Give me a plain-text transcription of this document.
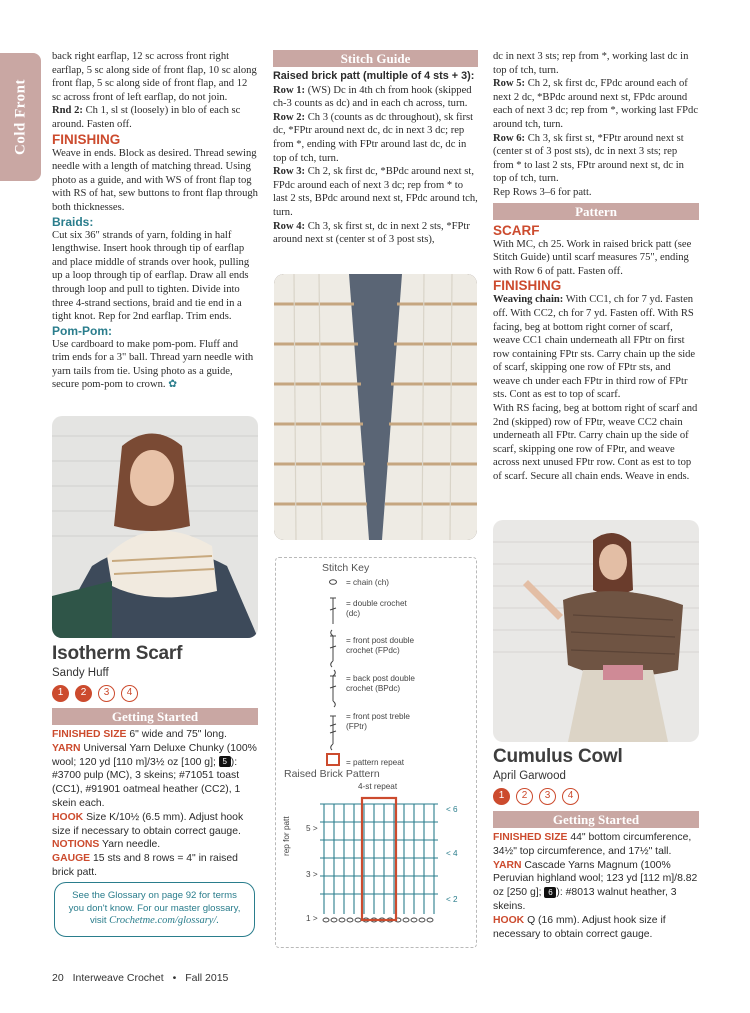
Cold Front
back right earflap, 12 sc across front right earflap, 5 sc along side of front flap, 10 sc along front flap, 5 sc along side of front flap, and 12 sc across front of left earflap, do not join.
Rnd 2: Ch 1, sl st (loosely) in blo of each sc around. Fasten off.
FINISHING
Weave in ends. Block as desired. Thread sewing needle with a length of matching thread. Using photo as a guide, and with WS of front flap tog with RS of hat, sew buttons to front flap through both thicknesses.
Braids:
Cut six 36" strands of yarn, folding in half lengthwise. Insert hook through tip of earflap and place middle of strands over hook, pulling up a loop through tip of earflap. Draw all ends through loop and pull to tighten. Divide into three 4-strand sections, braid and tie end in a tight knot. Rep for 2nd earflap. Trim ends.
Pom-Pom:
Use cardboard to make pom-pom. Fluff and trim ends for a 3" ball. Thread yarn needle with yarn tails from tie. Using photo as a guide, secure pom-pom to crown. ✿
Isotherm Scarf
Sandy Huff
1	2	3	4
Getting Started
FINISHED SIZE 6" wide and 75" long.
YARN Universal Yarn Deluxe Chunky (100% wool; 120 yd [110 m]/3½ oz [100 g]; 5 ): #3700 pulp (MC), 3 skeins; #71051 toast (CC1), #91901 oatmeal heather (CC2), 1 skein each.
HOOK Size K/10½ (6.5 mm). Adjust hook size if necessary to obtain correct gauge.
NOTIONS Yarn needle.
GAUGE 15 sts and 8 rows = 4" in raised brick patt.
See the Glossary on page 92 for terms
you don't know. For our master glossary,
visit Crochetme.com/glossary/.
20 Interweave Crochet • Fall 2015
Stitch Guide
Raised brick patt (multiple of 4 sts + 3):
Row 1: (WS) Dc in 4th ch from hook (skipped ch-3 counts as dc) and in each ch across, turn.
Row 2: Ch 3 (counts as dc throughout), sk first dc, *FPtr around next dc, dc in next 3 dc; rep from *, ending with FPtr around last dc, dc in top of tch, turn.
Row 3: Ch 2, sk first dc, *BPdc around next st, FPdc around each of next 3 dc; rep from * to last 2 sts, BPdc around next st, FPdc around tch, turn.
Row 4: Ch 3, sk first st, dc in next 2 sts, *FPtr around next st (center st of 3 post sts),
Stitch Key
= chain (ch)
= double crochet (dc)
= front post double crochet (FPdc)
= back post double crochet (BPdc)
= front post treble (FPtr)
= pattern repeat
Raised Brick Pattern
4-st repeat
rep for patt 5 >
3 >
1 >
< 6
< 4
< 2
dc in next 3 sts; rep from *, working last dc in top of tch, turn.
Row 5: Ch 2, sk first dc, FPdc around each of next 2 dc, *BPdc around next st, FPdc around each of next 3 dc; rep from *, working last FPdc around tch, turn.
Row 6: Ch 3, sk first st, *FPtr around next st (center st of 3 post sts), dc in next 3 sts; rep from * to last 2 sts, FPtr around next st, dc in top of tch, turn.
Rep Rows 3–6 for patt.
Pattern
SCARF
With MC, ch 25. Work in raised brick patt (see Stitch Guide) until scarf measures 75", ending with Row 6 of patt. Fasten off.
FINISHING
Weaving chain: With CC1, ch for 7 yd. Fasten off. With CC2, ch for 7 yd. Fasten off. With RS facing, beg at bottom right corner of scarf, weave CC1 chain underneath all FPtr on first row containing FPtr sts. Carry chain up the side of scarf, skipping one row of FPtr sts, and weave ch under each FPtr in third row of FPtr sts. Cont as est to top of scarf.
With RS facing, beg at bottom right of scarf and 2nd (skipped) row of FPtr, weave CC2 chain underneath all FPtr. Carry chain up the side of scarf, skipping one row of FPtr, and weave across next unused FPtr row. Cont as est to top of scarf. Secure all chain ends. Weave in ends.
Cumulus Cowl
April Garwood
1	2	3	4
Getting Started
FINISHED SIZE 44" bottom circumference, 34½" top circumference, and 17½" tall.
YARN Cascade Yarns Magnum (100% Peruvian highland wool; 123 yd [112 m]/8.82 oz [250 g]; 6 ): #8013 walnut heather, 3 skeins.
HOOK Q (16 mm). Adjust hook size if necessary to obtain correct gauge.
